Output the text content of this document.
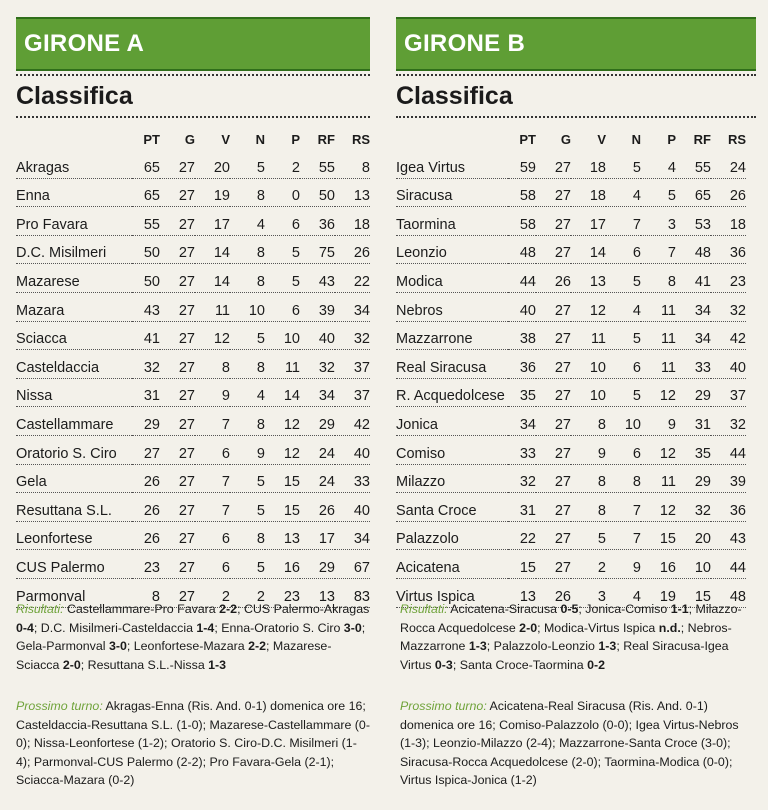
GIRONE A
Classifica
	PT	G	V	N	P	RF	RS
Akragas	65	27	20	5	2	55	8
Enna	65	27	19	8	0	50	13
Pro Favara	55	27	17	4	6	36	18
D.C. Misilmeri	50	27	14	8	5	75	26
Mazarese	50	27	14	8	5	43	22
Mazara	43	27	11	10	6	39	34
Sciacca	41	27	12	5	10	40	32
Casteldaccia	32	27	8	8	11	32	37
Nissa	31	27	9	4	14	34	37
Castellammare	29	27	7	8	12	29	42
Oratorio S. Ciro	27	27	6	9	12	24	40
Gela	26	27	7	5	15	24	33
Resuttana S.L.	26	27	7	5	15	26	40
Leonfortese	26	27	6	8	13	17	34
CUS Palermo	23	27	6	5	16	29	67
Parmonval	8	27	2	2	23	13	83
Risultati: Castellammare-Pro Favara 2-2; CUS Palermo-Akragas 0-4; D.C. Misilmeri-Casteldaccia 1-4; Enna-Oratorio S. Ciro 3-0; Gela-Parmonval 3-0; Leonfortese-Mazara 2-2; Mazarese-Sciacca 2-0; Resuttana S.L.-Nissa 1-3
Prossimo turno: Akragas-Enna (Ris. And. 0-1) domenica ore 16; Casteldaccia-Resuttana S.L. (1-0); Mazarese-Castellammare (0-0); Nissa-Leonfortese (1-2); Oratorio S. Ciro-D.C. Misilmeri (1-4); Parmonval-CUS Palermo (2-2); Pro Favara-Gela (2-1); Sciacca-Mazara (0-2)
GIRONE B
Classifica
	PT	G	V	N	P	RF	RS
Igea Virtus	59	27	18	5	4	55	24
Siracusa	58	27	18	4	5	65	26
Taormina	58	27	17	7	3	53	18
Leonzio	48	27	14	6	7	48	36
Modica	44	26	13	5	8	41	23
Nebros	40	27	12	4	11	34	32
Mazzarrone	38	27	11	5	11	34	42
Real Siracusa	36	27	10	6	11	33	40
R. Acquedolcese	35	27	10	5	12	29	37
Jonica	34	27	8	10	9	31	32
Comiso	33	27	9	6	12	35	44
Milazzo	32	27	8	8	11	29	39
Santa Croce	31	27	8	7	12	32	36
Palazzolo	22	27	5	7	15	20	43
Acicatena	15	27	2	9	16	10	44
Virtus Ispica	13	26	3	4	19	15	48
Risultati: Acicatena-Siracusa 0-5; Jonica-Comiso 1-1; Milazzo-Rocca Acquedolcese 2-0; Modica-Virtus Ispica n.d.; Nebros-Mazzarrone 1-3; Palazzolo-Leonzio 1-3; Real Siracusa-Igea Virtus 0-3; Santa Croce-Taormina 0-2
Prossimo turno: Acicatena-Real Siracusa (Ris. And. 0-1) domenica ore 16; Comiso-Palazzolo (0-0); Igea Virtus-Nebros (1-3); Leonzio-Milazzo (2-4); Mazzarrone-Santa Croce (3-0); Siracusa-Rocca Acquedolcese (2-0); Taormina-Modica (0-0); Virtus Ispica-Jonica (1-2)
